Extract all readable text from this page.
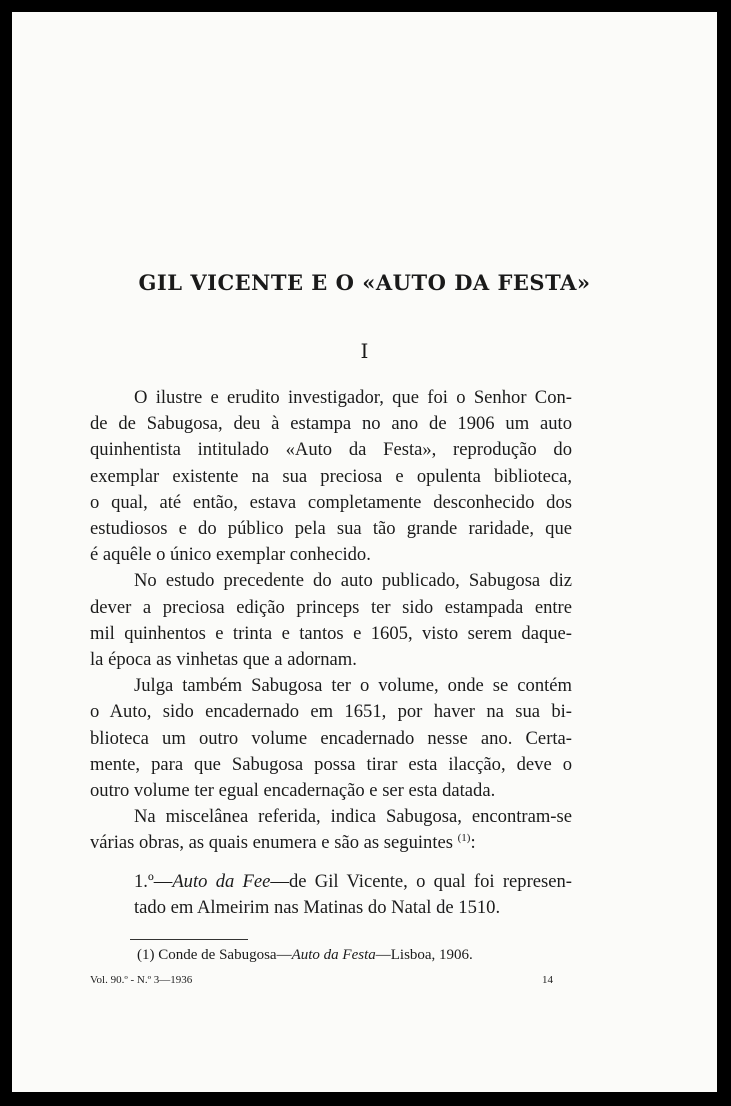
GIL VICENTE E O «AUTO DA FESTA»
I
O ilustre e erudito investigador, que foi o Senhor Con-
de de Sabugosa, deu à estampa no ano de 1906 um auto
quinhentista intitulado «Auto da Festa», reprodução do
exemplar existente na sua preciosa e opulenta biblioteca,
o qual, até então, estava completamente desconhecido dos
estudiosos e do público pela sua tão grande raridade, que
é aquêle o único exemplar conhecido.
No estudo precedente do auto publicado, Sabugosa diz
dever a preciosa edição princeps ter sido estampada entre
mil quinhentos e trinta e tantos e 1605, visto serem daque-
la época as vinhetas que a adornam.
Julga também Sabugosa ter o volume, onde se contém
o Auto, sido encadernado em 1651, por haver na sua bi-
blioteca um outro volume encadernado nesse ano. Certa-
mente, para que Sabugosa possa tirar esta ilacção, deve o
outro volume ter egual encadernação e ser esta datada.
Na miscelânea referida, indica Sabugosa, encontram-se
várias obras, as quais enumera e são as seguintes $^{(1)}$:
1.º—Auto da Fee—de Gil Vicente, o qual foi represen-
tado em Almeirim nas Matinas do Natal de 1510.
(1) Conde de Sabugosa—Auto da Festa—Lisboa, 1906.
Vol. 90.º - N.º 3—1936	14
